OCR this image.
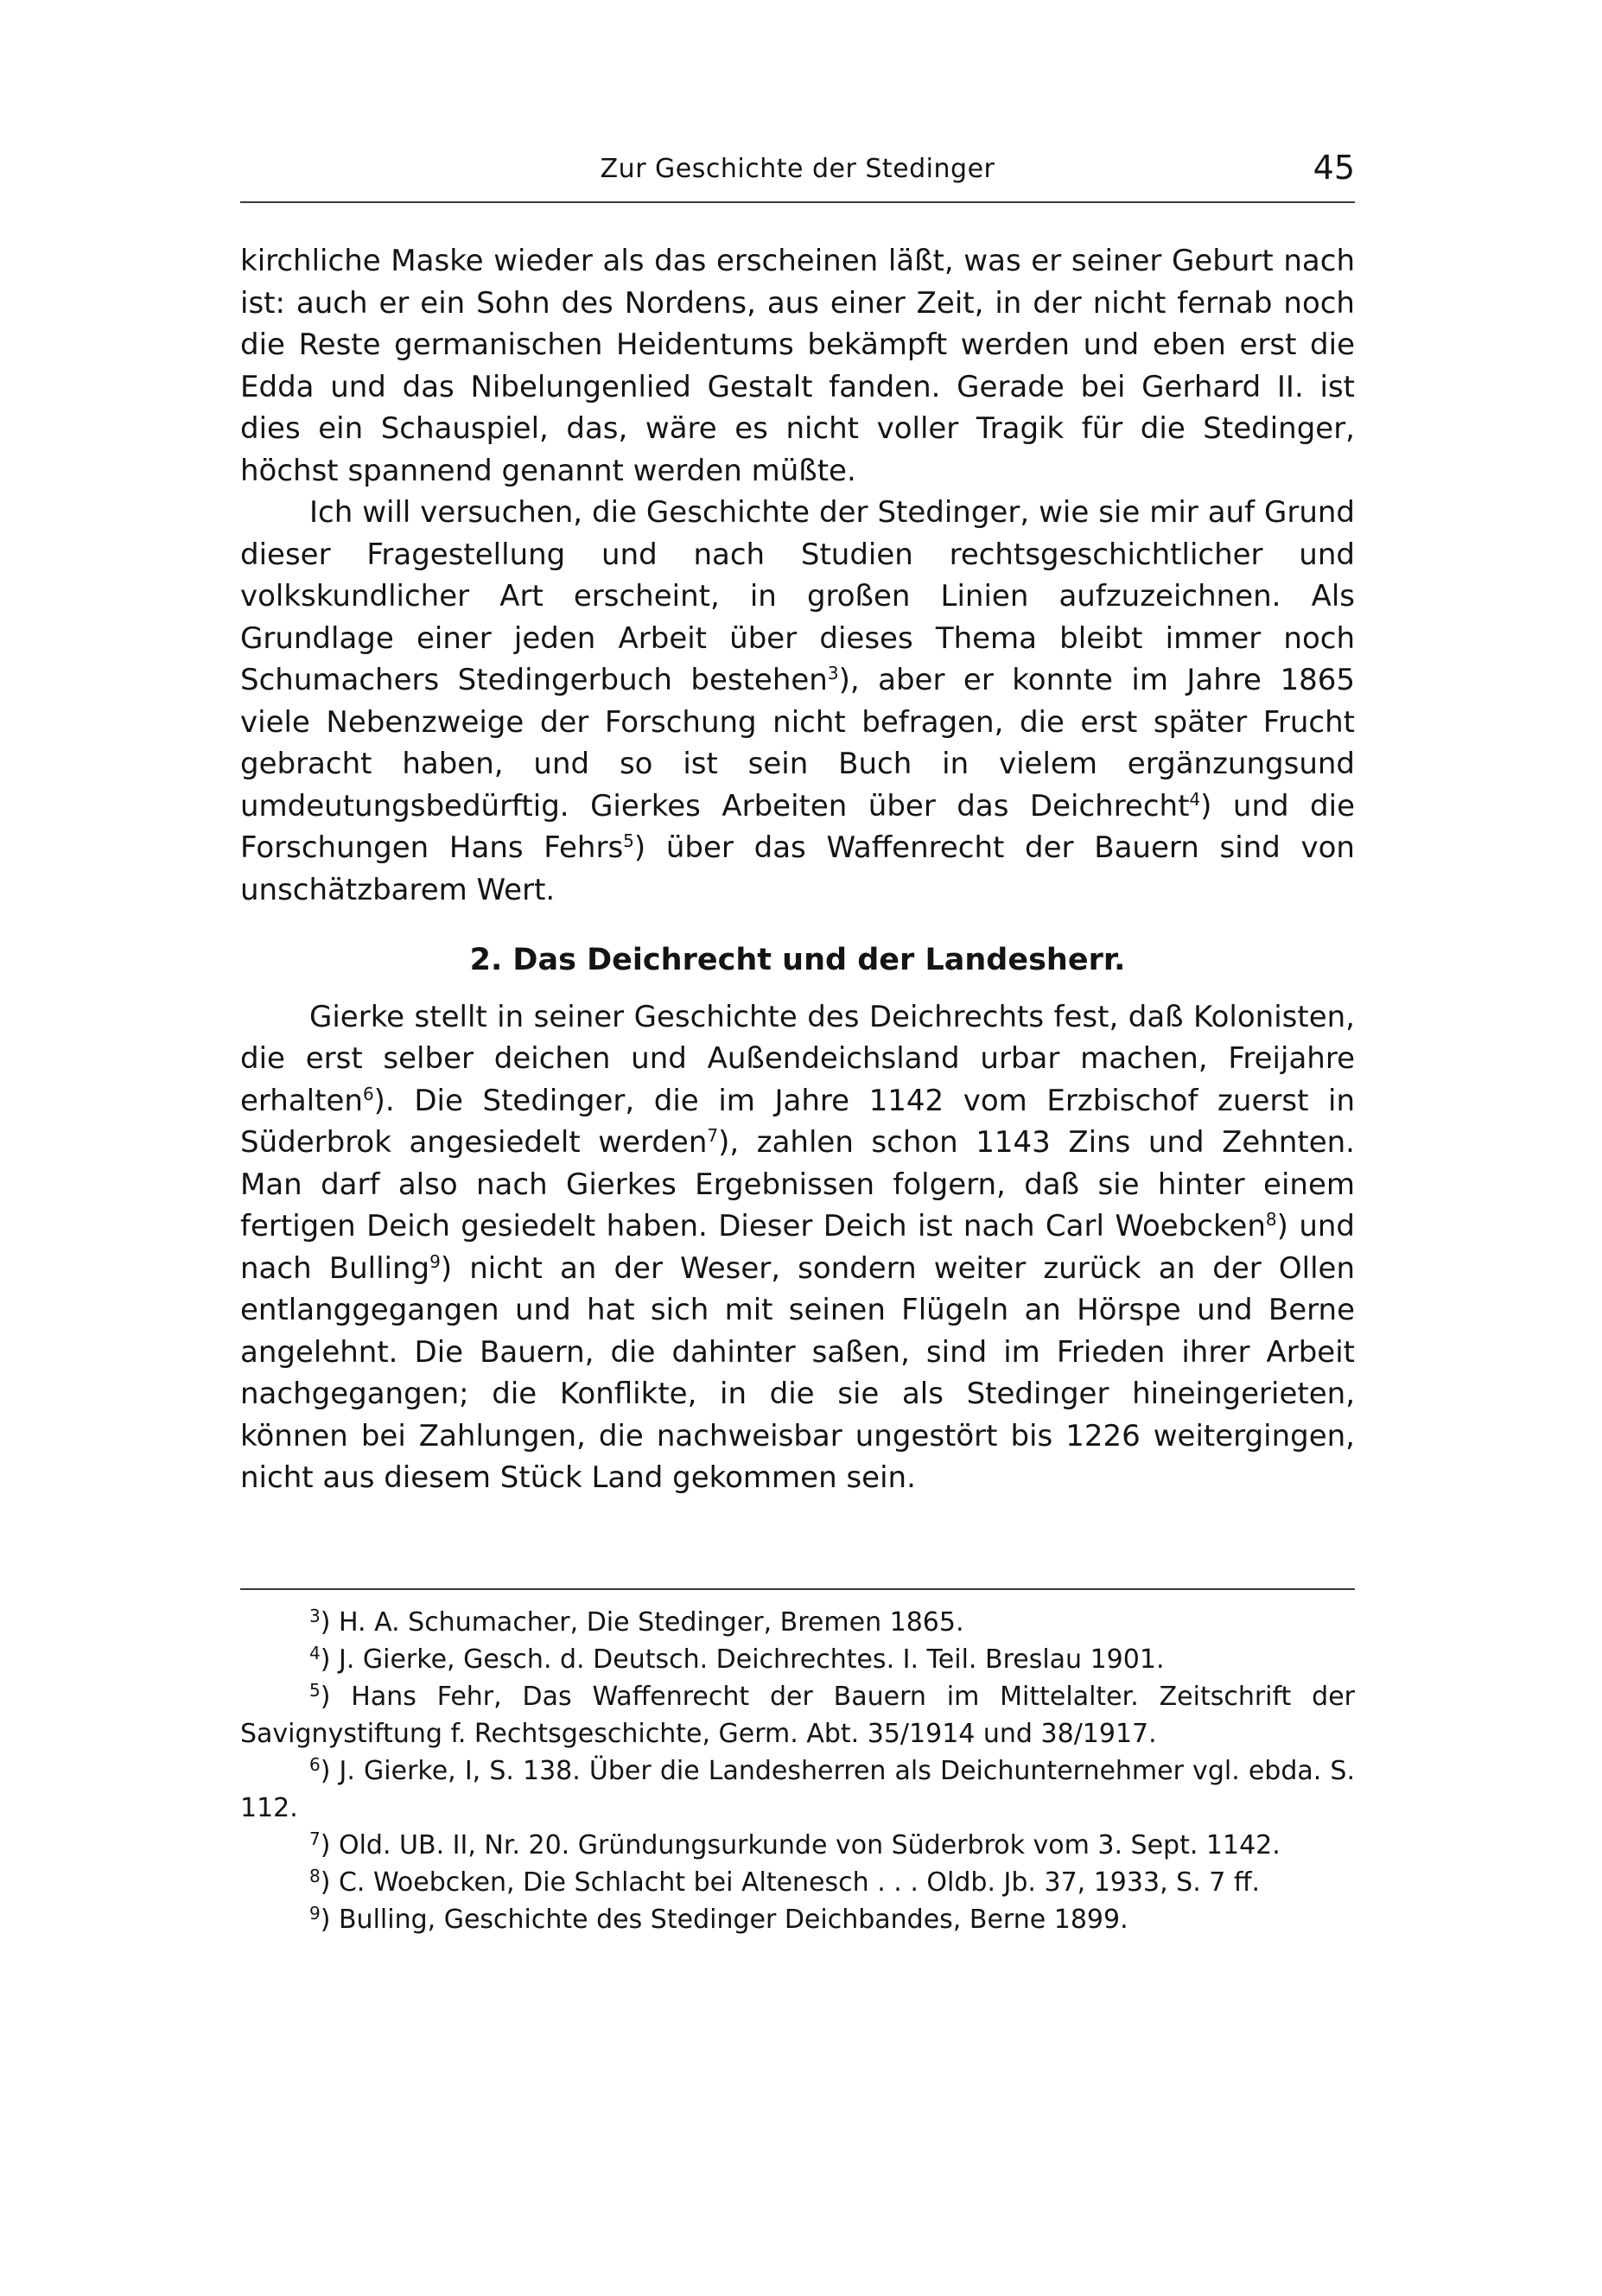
Zur Geschichte der Stedinger	45

kirchliche Maske wieder als das erscheinen läßt, was er seiner Geburt nach ist: auch er ein Sohn des Nordens, aus einer Zeit, in der nicht fernab noch die Reste germanischen Heidentums bekämpft werden und eben erst die Edda und das Nibelungenlied Gestalt fanden. Gerade bei Gerhard II. ist dies ein Schauspiel, das, wäre es nicht voller Tragik für die Stedinger, höchst spannend genannt werden müßte.

Ich will versuchen, die Geschichte der Stedinger, wie sie mir auf Grund dieser Fragestellung und nach Studien rechtsgeschichtlicher und volkskundlicher Art erscheint, in großen Linien aufzuzeichnen. Als Grundlage einer jeden Arbeit über dieses Thema bleibt immer noch Schumachers Stedingerbuch bestehen$^3$), aber er konnte im Jahre 1865 viele Nebenzweige der Forschung nicht befragen, die erst später Frucht gebracht haben, und so ist sein Buch in vielem ergänzungsund umdeutungsbedürftig. Gierkes Arbeiten über das Deichrecht$^4$) und die Forschungen Hans Fehrs$^5$) über das Waffenrecht der Bauern sind von unschätzbarem Wert.

2. Das Deichrecht und der Landesherr.

Gierke stellt in seiner Geschichte des Deichrechts fest, daß Kolonisten, die erst selber deichen und Außendeichsland urbar machen, Freijahre erhalten$^6$). Die Stedinger, die im Jahre 1142 vom Erzbischof zuerst in Süderbrok angesiedelt werden$^7$), zahlen schon 1143 Zins und Zehnten. Man darf also nach Gierkes Ergebnissen folgern, daß sie hinter einem fertigen Deich gesiedelt haben. Dieser Deich ist nach Carl Woebcken$^8$) und nach Bulling$^9$) nicht an der Weser, sondern weiter zurück an der Ollen entlanggegangen und hat sich mit seinen Flügeln an Hörspe und Berne angelehnt. Die Bauern, die dahinter saßen, sind im Frieden ihrer Arbeit nachgegangen; die Konflikte, in die sie als Stedinger hineingerieten, können bei Zahlungen, die nachweisbar ungestört bis 1226 weitergingen, nicht aus diesem Stück Land gekommen sein.

$^3$) H. A. Schumacher, Die Stedinger, Bremen 1865.

$^4$) J. Gierke, Gesch. d. Deutsch. Deichrechtes. I. Teil. Breslau 1901.

$^5$) Hans Fehr, Das Waffenrecht der Bauern im Mittelalter. Zeitschrift der Savignystiftung f. Rechtsgeschichte, Germ. Abt. 35/1914 und 38/1917.

$^6$) J. Gierke, I, S. 138. Über die Landesherren als Deichunternehmer vgl. ebda. S. 112.

$^7$) Old. UB. II, Nr. 20. Gründungsurkunde von Süderbrok vom 3. Sept. 1142.

$^8$) C. Woebcken, Die Schlacht bei Altenesch . . . Oldb. Jb. 37, 1933, S. 7 ff.

$^9$) Bulling, Geschichte des Stedinger Deichbandes, Berne 1899.
